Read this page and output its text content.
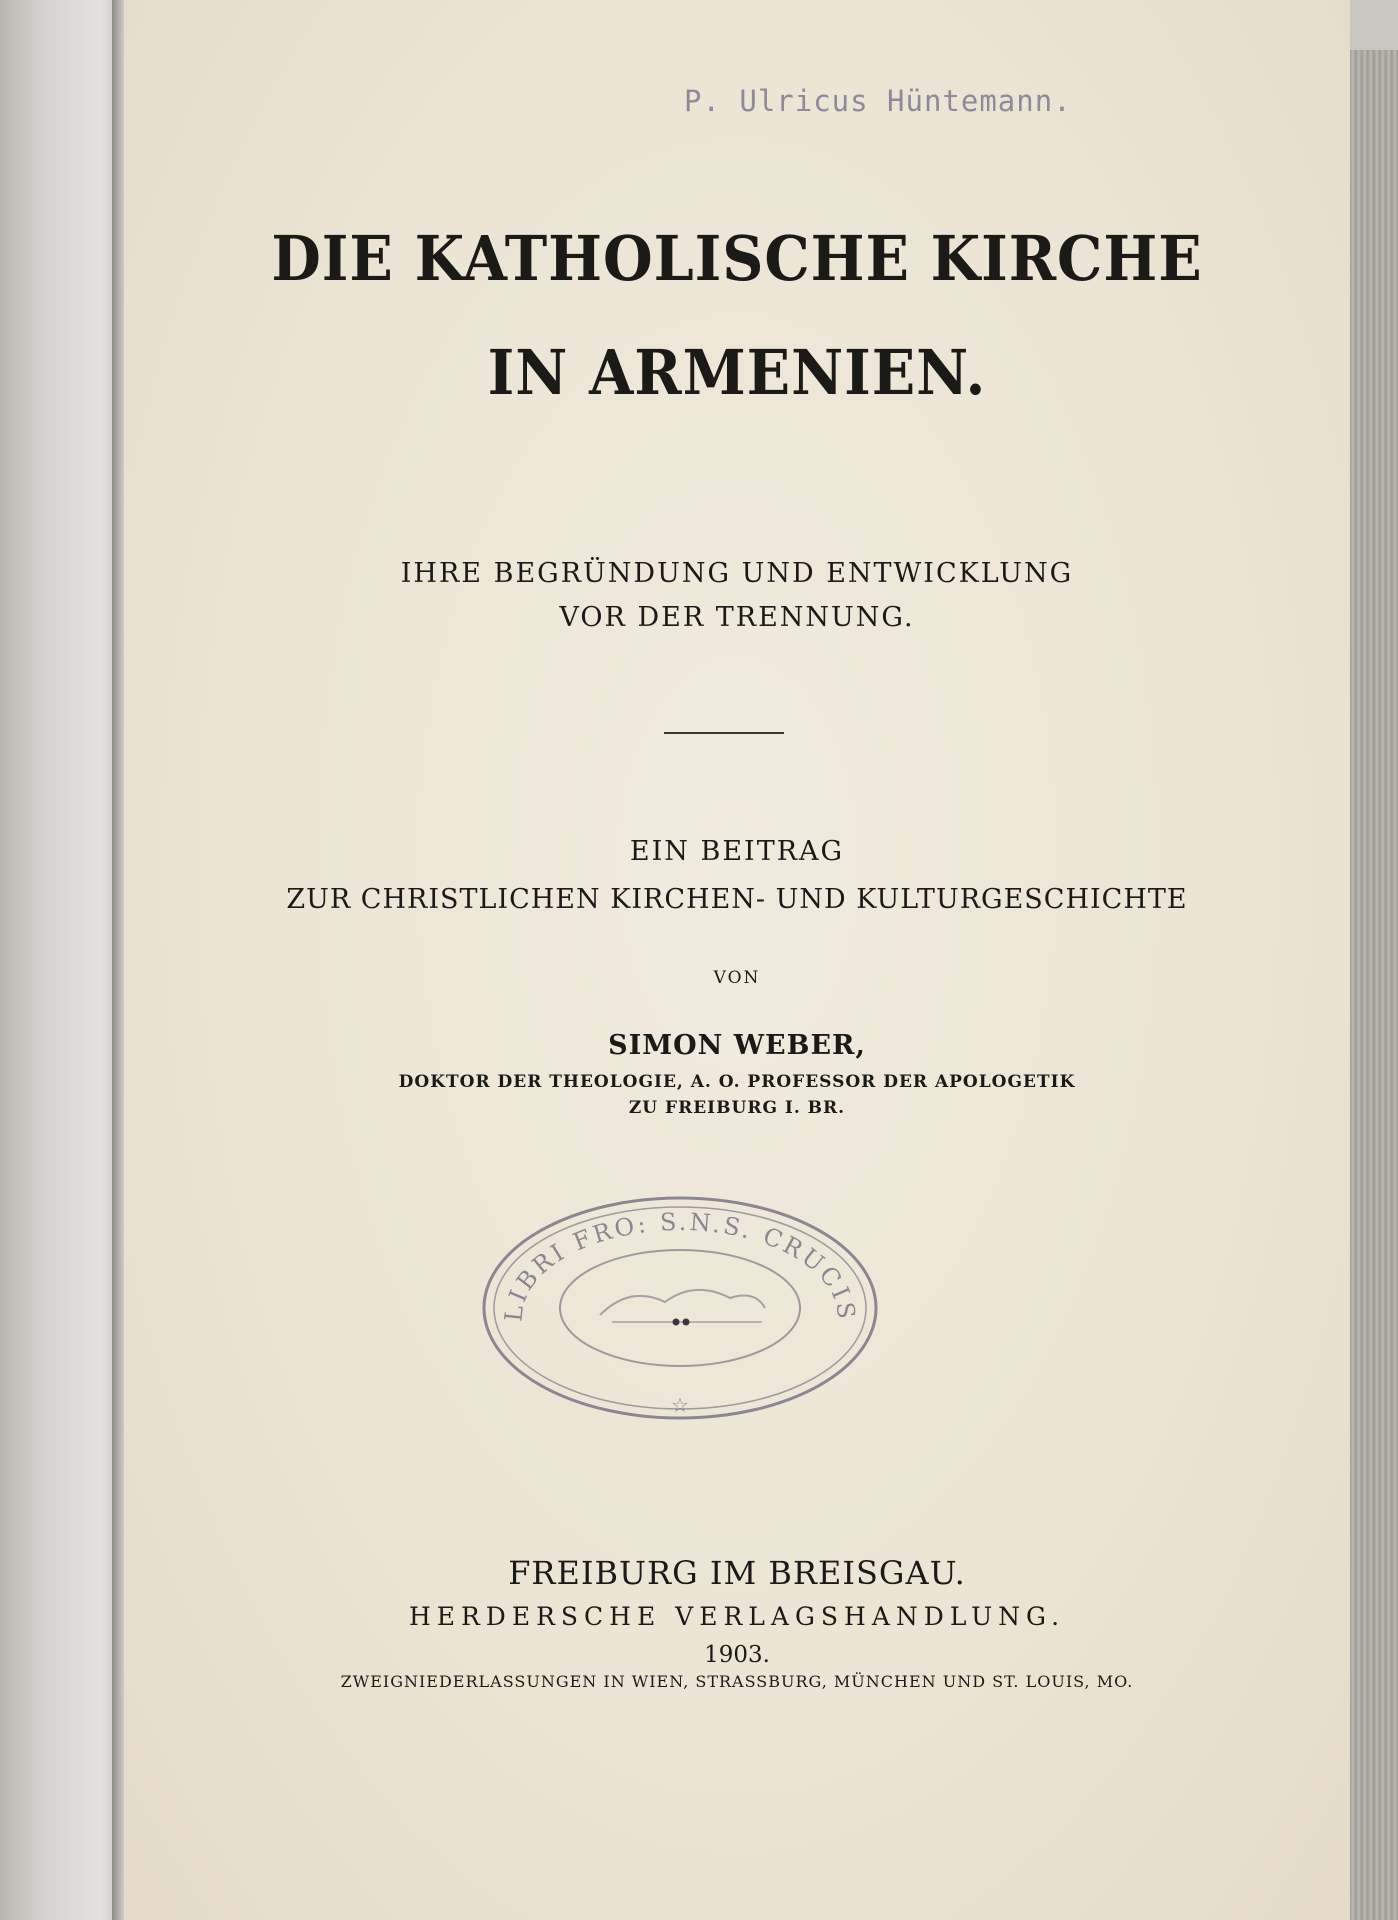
P. Ulricus Hüntemann.
DIE KATHOLISCHE KIRCHE
IN ARMENIEN.
IHRE BEGRÜNDUNG UND ENTWICKLUNG
VOR DER TRENNUNG.
EIN BEITRAG
ZUR CHRISTLICHEN KIRCHEN- UND KULTURGESCHICHTE
VON
SIMON WEBER,
DOKTOR DER THEOLOGIE, A. O. PROFESSOR DER APOLOGETIK
ZU FREIBURG I. BR.
LIBRI FRO: S.N.S. CRUCIS
☆
FREIBURG IM BREISGAU.
HERDERSCHE VERLAGSHANDLUNG.
1903.
ZWEIGNIEDERLASSUNGEN IN WIEN, STRASSBURG, MÜNCHEN UND ST. LOUIS, MO.
